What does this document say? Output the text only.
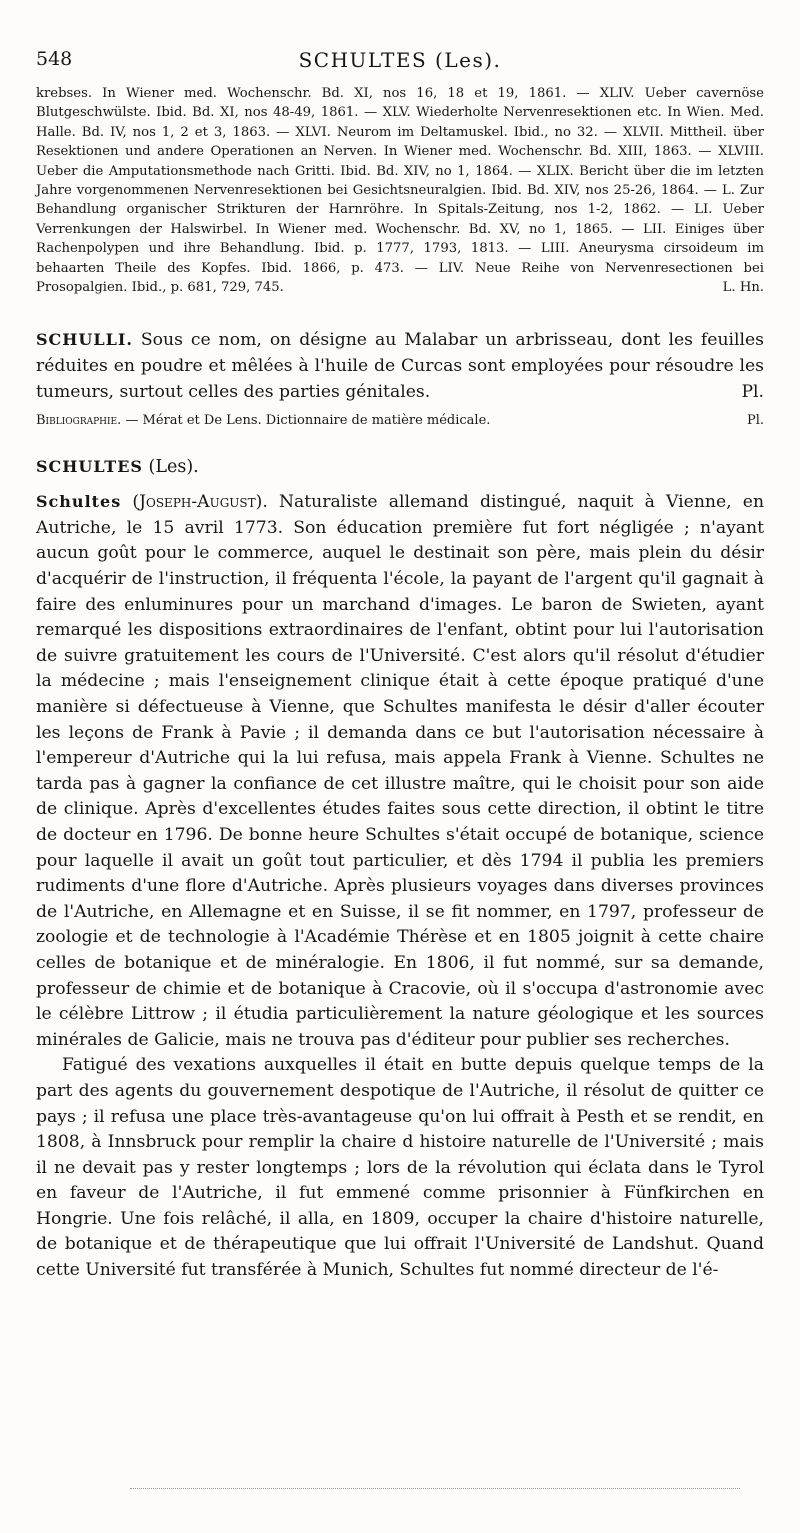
548	SCHULTES (Les).

krebses. In Wiener med. Wochenschr. Bd. XI, nos 16, 18 et 19, 1861. — XLIV. Ueber cavernöse Blutgeschwülste. Ibid. Bd. XI, nos 48-49, 1861. — XLV. Wiederholte Nervenresektionen etc. In Wien. Med. Halle. Bd. IV, nos 1, 2 et 3, 1863. — XLVI. Neurom im Deltamuskel. Ibid., no 32. — XLVII. Mittheil. über Resektionen und andere Operationen an Nerven. In Wiener med. Wochenschr. Bd. XIII, 1863. — XLVIII. Ueber die Amputationsmethode nach Gritti. Ibid. Bd. XIV, no 1, 1864. — XLIX. Bericht über die im letzten Jahre vorgenommenen Nervenresektionen bei Gesichtsneuralgien. Ibid. Bd. XIV, nos 25-26, 1864. — L. Zur Behandlung organischer Strikturen der Harnröhre. In Spitals-Zeitung, nos 1-2, 1862. — LI. Ueber Verrenkungen der Halswirbel. In Wiener med. Wochenschr. Bd. XV, no 1, 1865. — LII. Einiges über Rachenpolypen und ihre Behandlung. Ibid. p. 1777, 1793, 1813. — LIII. Aneurysma cirsoideum im behaarten Theile des Kopfes. Ibid. 1866, p. 473. — LIV. Neue Reihe von Nervenresectionen bei Prosopalgien. Ibid., p. 681, 729, 745.	L. Hn.

SCHULLI. Sous ce nom, on désigne au Malabar un arbrisseau, dont les feuilles réduites en poudre et mêlées à l'huile de Curcas sont employées pour résoudre les tumeurs, surtout celles des parties génitales.	Pl.

Bibliographie. — Mérat et De Lens. Dictionnaire de matière médicale.	Pl.

SCHULTES (Les).

Schultes (Joseph-August). Naturaliste allemand distingué, naquit à Vienne, en Autriche, le 15 avril 1773. Son éducation première fut fort négligée ; n'ayant aucun goût pour le commerce, auquel le destinait son père, mais plein du désir d'acquérir de l'instruction, il fréquenta l'école, la payant de l'argent qu'il gagnait à faire des enluminures pour un marchand d'images. Le baron de Swieten, ayant remarqué les dispositions extraordinaires de l'enfant, obtint pour lui l'autorisation de suivre gratuitement les cours de l'Université. C'est alors qu'il résolut d'étudier la médecine ; mais l'enseignement clinique était à cette époque pratiqué d'une manière si défectueuse à Vienne, que Schultes manifesta le désir d'aller écouter les leçons de Frank à Pavie ; il demanda dans ce but l'autorisation nécessaire à l'empereur d'Autriche qui la lui refusa, mais appela Frank à Vienne. Schultes ne tarda pas à gagner la confiance de cet illustre maître, qui le choisit pour son aide de clinique. Après d'excellentes études faites sous cette direction, il obtint le titre de docteur en 1796. De bonne heure Schultes s'était occupé de botanique, science pour laquelle il avait un goût tout particulier, et dès 1794 il publia les premiers rudiments d'une flore d'Autriche. Après plusieurs voyages dans diverses provinces de l'Autriche, en Allemagne et en Suisse, il se fit nommer, en 1797, professeur de zoologie et de technologie à l'Académie Thérèse et en 1805 joignit à cette chaire celles de botanique et de minéralogie. En 1806, il fut nommé, sur sa demande, professeur de chimie et de botanique à Cracovie, où il s'occupa d'astronomie avec le célèbre Littrow ; il étudia particulièrement la nature géologique et les sources minérales de Galicie, mais ne trouva pas d'éditeur pour publier ses recherches.

Fatigué des vexations auxquelles il était en butte depuis quelque temps de la part des agents du gouvernement despotique de l'Autriche, il résolut de quitter ce pays ; il refusa une place très-avantageuse qu'on lui offrait à Pesth et se rendit, en 1808, à Innsbruck pour remplir la chaire d histoire naturelle de l'Université ; mais il ne devait pas y rester longtemps ; lors de la révolution qui éclata dans le Tyrol en faveur de l'Autriche, il fut emmené comme prisonnier à Fünfkirchen en Hongrie. Une fois relâché, il alla, en 1809, occuper la chaire d'histoire naturelle, de botanique et de thérapeutique que lui offrait l'Université de Landshut. Quand cette Université fut transférée à Munich, Schultes fut nommé directeur de l'é-
